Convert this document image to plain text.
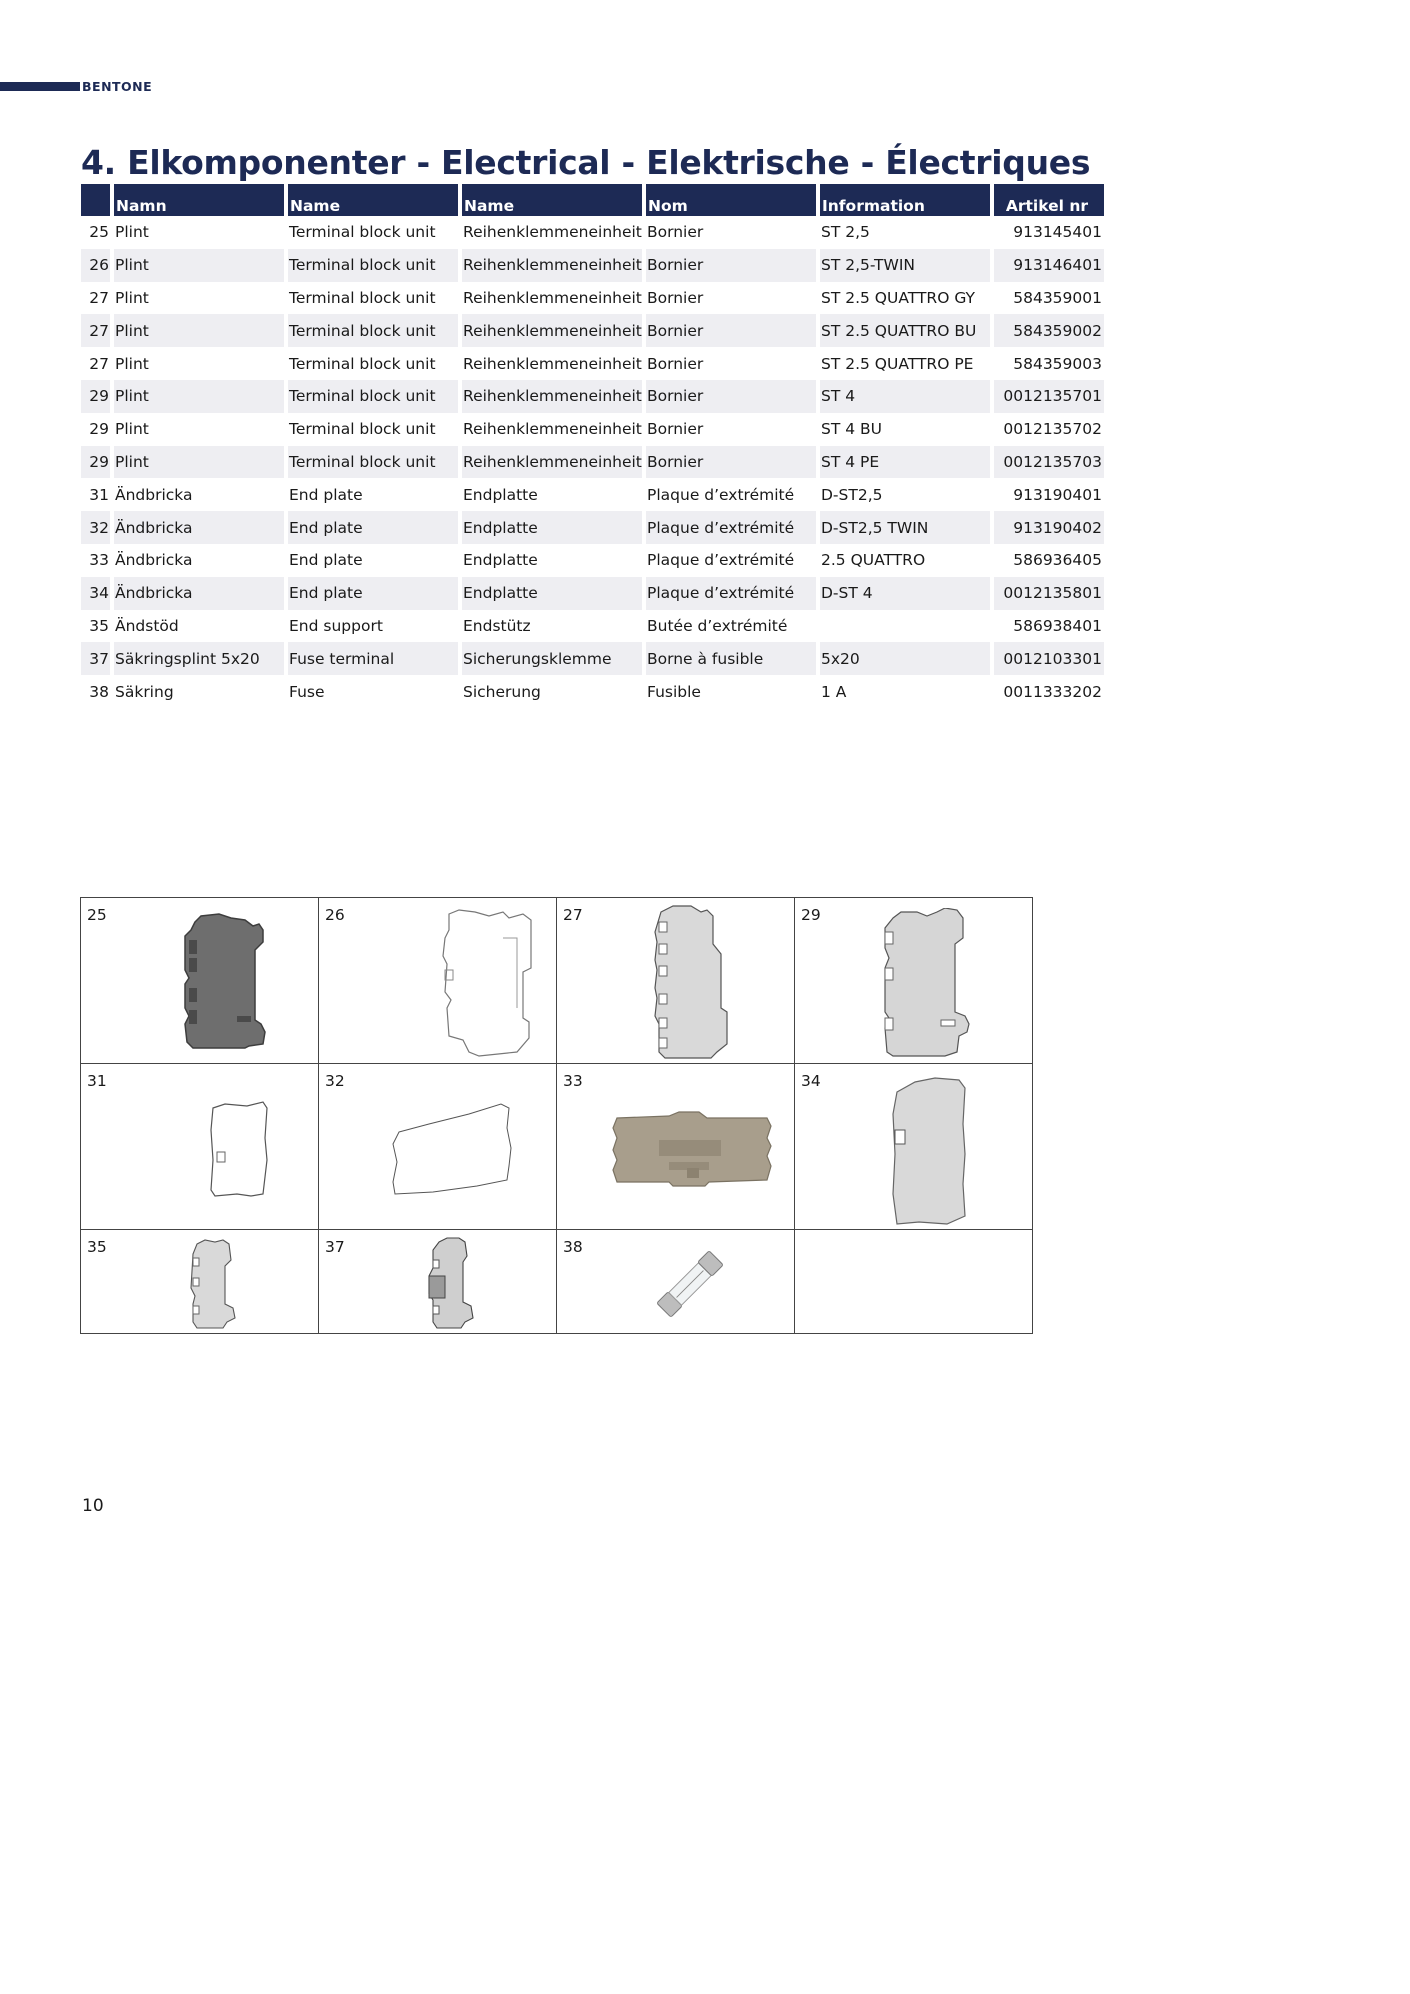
BENTONE
4. Elkomponenter - Electrical - Elektrische - Électriques
	Namn	Name	Name	Nom	Information	Artikel nr
25	Plint	Terminal block unit	Reihenklemmeneinheit	Bornier	ST 2,5	913145401
26	Plint	Terminal block unit	Reihenklemmeneinheit	Bornier	ST 2,5-TWIN	913146401
27	Plint	Terminal block unit	Reihenklemmeneinheit	Bornier	ST 2.5 QUATTRO GY	584359001
27	Plint	Terminal block unit	Reihenklemmeneinheit	Bornier	ST 2.5 QUATTRO BU	584359002
27	Plint	Terminal block unit	Reihenklemmeneinheit	Bornier	ST 2.5 QUATTRO PE	584359003
29	Plint	Terminal block unit	Reihenklemmeneinheit	Bornier	ST 4	0012135701
29	Plint	Terminal block unit	Reihenklemmeneinheit	Bornier	ST 4 BU	0012135702
29	Plint	Terminal block unit	Reihenklemmeneinheit	Bornier	ST 4 PE	0012135703
31	Ändbricka	End plate	Endplatte	Plaque d’extrémité	D-ST2,5	913190401
32	Ändbricka	End plate	Endplatte	Plaque d’extrémité	D-ST2,5 TWIN	913190402
33	Ändbricka	End plate	Endplatte	Plaque d’extrémité	2.5 QUATTRO	586936405
34	Ändbricka	End plate	Endplatte	Plaque d’extrémité	D-ST 4	0012135801
35	Ändstöd	End support	Endstütz	Butée d’extrémité		586938401
37	Säkringsplint 5x20	Fuse terminal	Sicherungsklemme	Borne à fusible	5x20	0012103301
38	Säkring	Fuse	Sicherung	Fusible	1 A	0011333202
25	26	27	29
31	32	33	34
35	37	38
10
